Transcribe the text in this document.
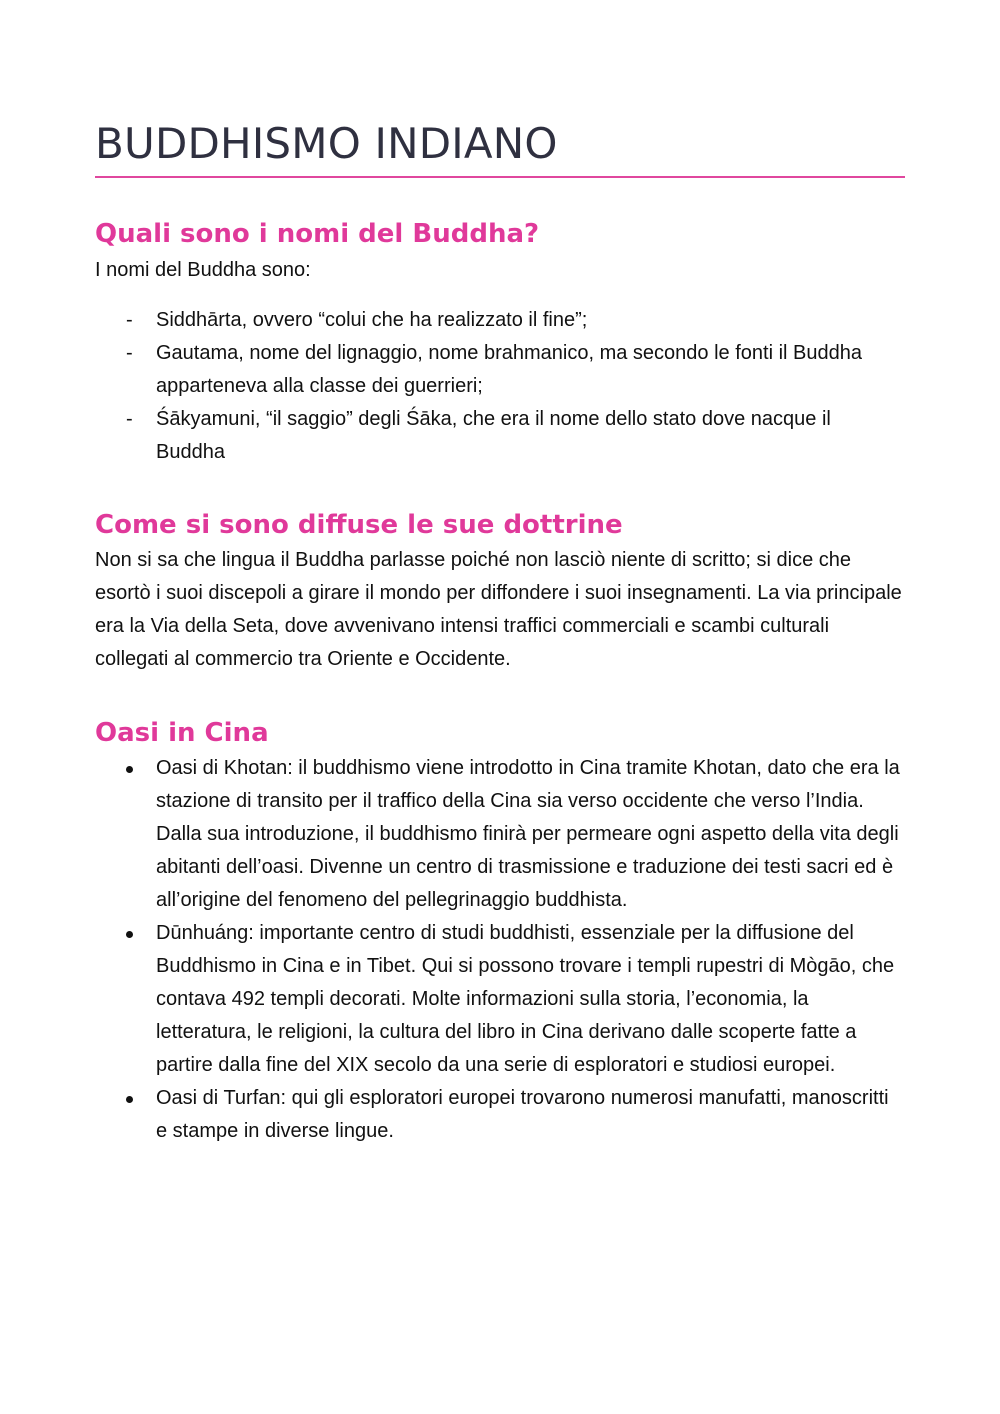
BUDDHISMO INDIANO
Quali sono i nomi del Buddha?

I nomi del Buddha sono:

- Siddhārta, ovvero “colui che ha realizzato il fine”;
- Gautama, nome del lignaggio, nome brahmanico, ma secondo le fonti il Buddha apparteneva alla classe dei guerrieri;
- Śākyamuni, “il saggio” degli Śāka, che era il nome dello stato dove nacque il Buddha
Come si sono diffuse le sue dottrine

Non si sa che lingua il Buddha parlasse poiché non lasciò niente di scritto; si dice che esortò i suoi discepoli a girare il mondo per diffondere i suoi insegnamenti. La via principale era la Via della Seta, dove avvenivano intensi traffici commerciali e scambi culturali collegati al commercio tra Oriente e Occidente.

Oasi in Cina
Oasi di Khotan: il buddhismo viene introdotto in Cina tramite Khotan, dato che era la stazione di transito per il traffico della Cina sia verso occidente che verso l’India. Dalla sua introduzione, il buddhismo finirà per permeare ogni aspetto della vita degli abitanti dell’oasi. Divenne un centro di trasmissione e traduzione dei testi sacri ed è all’origine del fenomeno del pellegrinaggio buddhista.
Dūnhuáng: importante centro di studi buddhisti, essenziale per la diffusione del Buddhismo in Cina e in Tibet. Qui si possono trovare i templi rupestri di Mògāo, che contava 492 templi decorati. Molte informazioni sulla storia, l’economia, la letteratura, le religioni, la cultura del libro in Cina derivano dalle scoperte fatte a partire dalla fine del XIX secolo da una serie di esploratori e studiosi europei.
Oasi di Turfan: qui gli esploratori europei trovarono numerosi manufatti, manoscritti e stampe in diverse lingue.
